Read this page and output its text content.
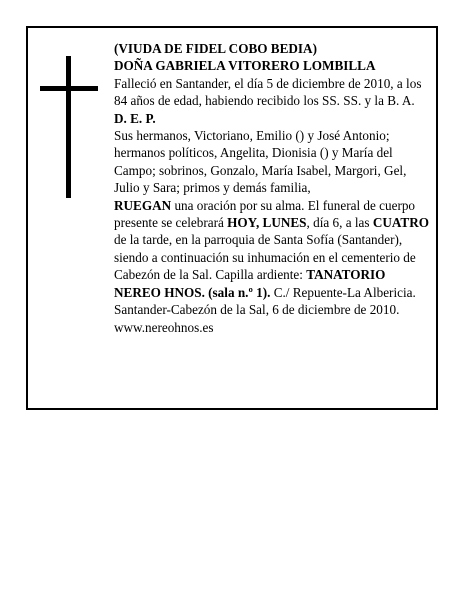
(VIUDA DE FIDEL COBO BEDIA)

DOÑA GABRIELA VITORERO LOMBILLA

Falleció en Santander, el día 5 de diciembre de 2010, a los 84 años de edad, habiendo recibido los SS. SS. y la B. A.

D. E. P.

Sus hermanos, Victoriano, Emilio () y José Antonio; hermanos políticos, Angelita, Dionisia () y María del Campo; sobrinos, Gonzalo, María Isabel, Margori, Gel, Julio y Sara; primos y demás familia,

RUEGAN una oración por su alma. El funeral de cuerpo presente se celebrará HOY, LUNES, día 6, a las CUATRO de la tarde, en la parroquia de Santa Sofía (Santander), siendo a continuación su inhumación en el cementerio de Cabezón de la Sal. Capilla ardiente: TANATORIO NEREO HNOS. (sala n.º 1). C./ Repuente-La Albericia.

Santander-Cabezón de la Sal, 6 de diciembre de 2010.

www.nereohnos.es
